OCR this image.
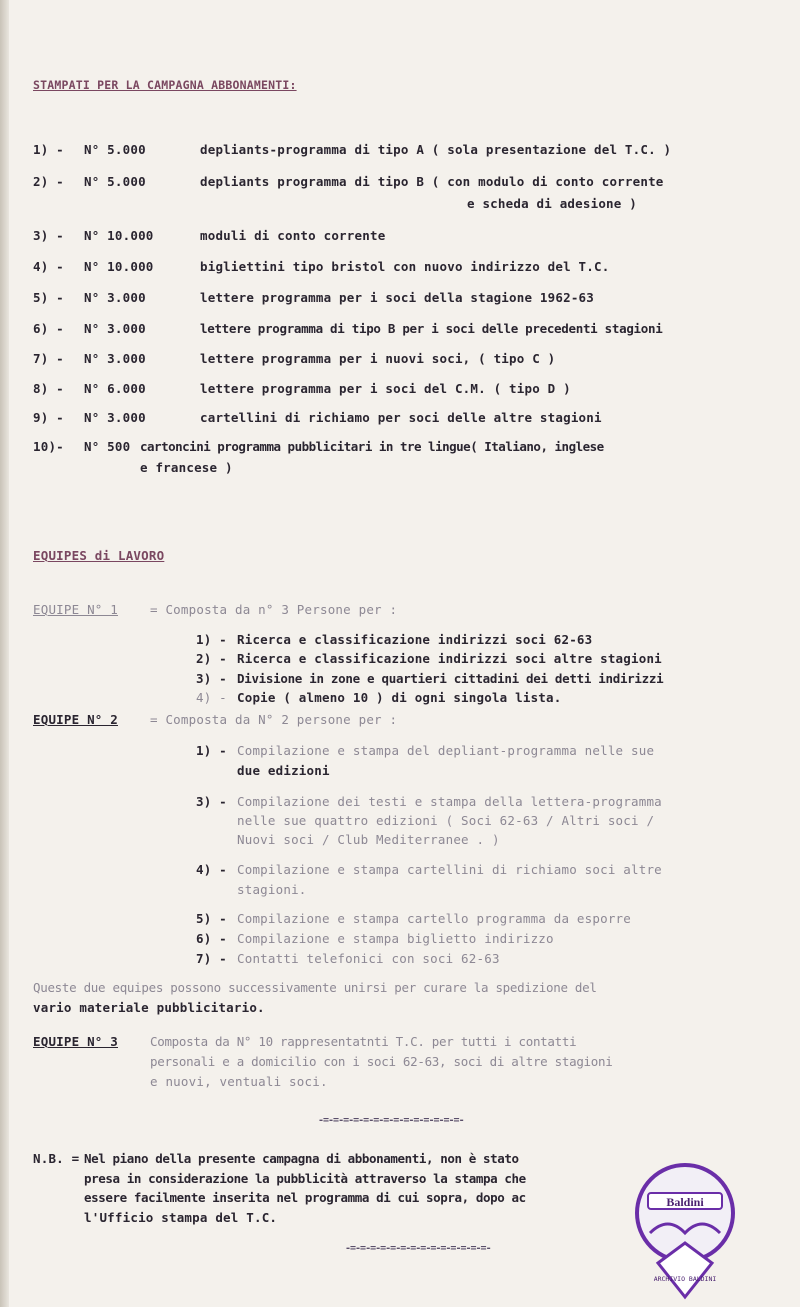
STAMPATI PER LA CAMPAGNA ABBONAMENTI:
1) - N° 5.000	depliants-programma di tipo A ( sola presentazione del T.C. )
2) - N° 5.000	depliants programma di tipo B ( con modulo di conto corrente
e scheda di adesione )
3) - N° 10.000	moduli di conto corrente
4) - N° 10.000	bigliettini tipo bristol con nuovo indirizzo del T.C.
5) - N° 3.000	lettere programma per i soci della stagione 1962-63
6) - N° 3.000	lettere programma di tipo B per i soci delle precedenti stagioni
7) - N° 3.000	lettere programma per i nuovi soci, ( tipo C )
8) - N° 6.000	lettere programma per i soci del C.M. ( tipo D )
9) - N° 3.000	cartellini di richiamo per soci delle altre stagioni
10)- N° 500 cartoncini programma pubblicitari in tre lingue( Italiano, inglese
e francese )
EQUIPES di LAVORO
EQUIPE N° 1	= Composta da n° 3 Persone per :
1) - Ricerca e classificazione indirizzi soci 62-63
2) - Ricerca e classificazione indirizzi soci altre stagioni
3) - Divisione in zone e quartieri cittadini dei detti indirizzi
4) - Copie ( almeno 10 ) di ogni singola lista.
EQUIPE N° 2	= Composta da N° 2 persone per :
1) - Compilazione e stampa del depliant-programma nelle sue
due edizioni
3) - Compilazione dei testi e stampa della lettera-programma
nelle sue quattro edizioni ( Soci 62-63 / Altri soci /
Nuovi soci / Club Mediterranee . )
4) - Compilazione e stampa cartellini di richiamo soci altre
stagioni.
5) - Compilazione e stampa cartello programma da esporre
6) - Compilazione e stampa biglietto indirizzo
7) - Contatti telefonici con soci 62-63
Queste due equipes possono successivamente unirsi per curare la spedizione del
vario materiale pubblicitario.
EQUIPE N° 3	Composta da N° 10 rappresentatnti T.C. per tutti i contatti
personali e a domicilio con i soci 62-63, soci di altre stagioni
e nuovi, ventuali soci.
-=-=-=-=-=-=-=-=-=-=-=-=-=-=-
N.B. = Nel piano della presente campagna di abbonamenti, non è stato
presa in considerazione la pubblicità attraverso la stampa che
essere facilmente inserita nel programma di cui sopra, dopo ac
l'Ufficio stampa del T.C.
-=-=-=-=-=-=-=-=-=-=-=-=-=-=-
Baldini
ARCHIVIO BALDINI
